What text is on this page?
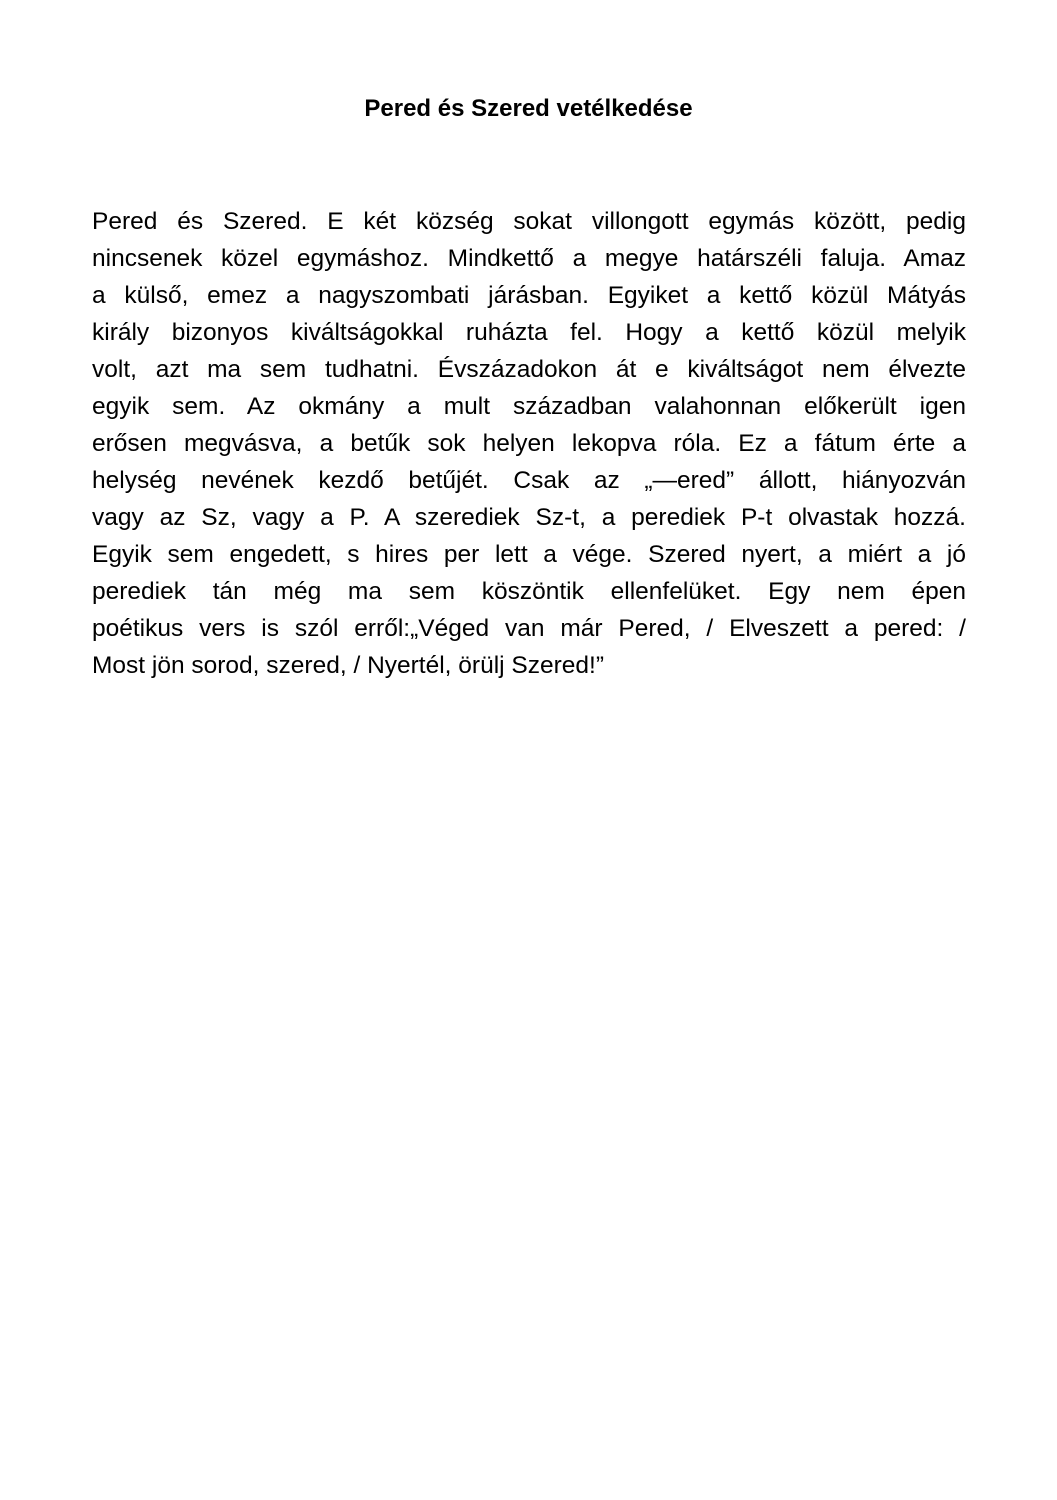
Pered és Szered vetélkedése
Pered és Szered. E két község sokat villongott egymás között, pedig
nincsenek közel egymáshoz. Mindkettő a megye határszéli faluja. Amaz
a külső, emez a nagyszombati járásban. Egyiket a kettő közül Mátyás
király bizonyos kiváltságokkal ruházta fel. Hogy a kettő közül melyik
volt, azt ma sem tudhatni. Évszázadokon át e kiváltságot nem élvezte
egyik sem. Az okmány a mult században valahonnan előkerült igen
erősen megvásva, a betűk sok helyen lekopva róla. Ez a fátum érte a
helység nevének kezdő betűjét. Csak az „—ered” állott, hiányozván
vagy az Sz, vagy a P. A szerediek Sz-t, a perediek P-t olvastak hozzá.
Egyik sem engedett, s hires per lett a vége. Szered nyert, a miért a jó
perediek tán még ma sem köszöntik ellenfelüket. Egy nem épen
poétikus vers is szól erről:„Véged van már Pered, / Elveszett a pered: /
Most jön sorod, szered, / Nyertél, örülj Szered!”
